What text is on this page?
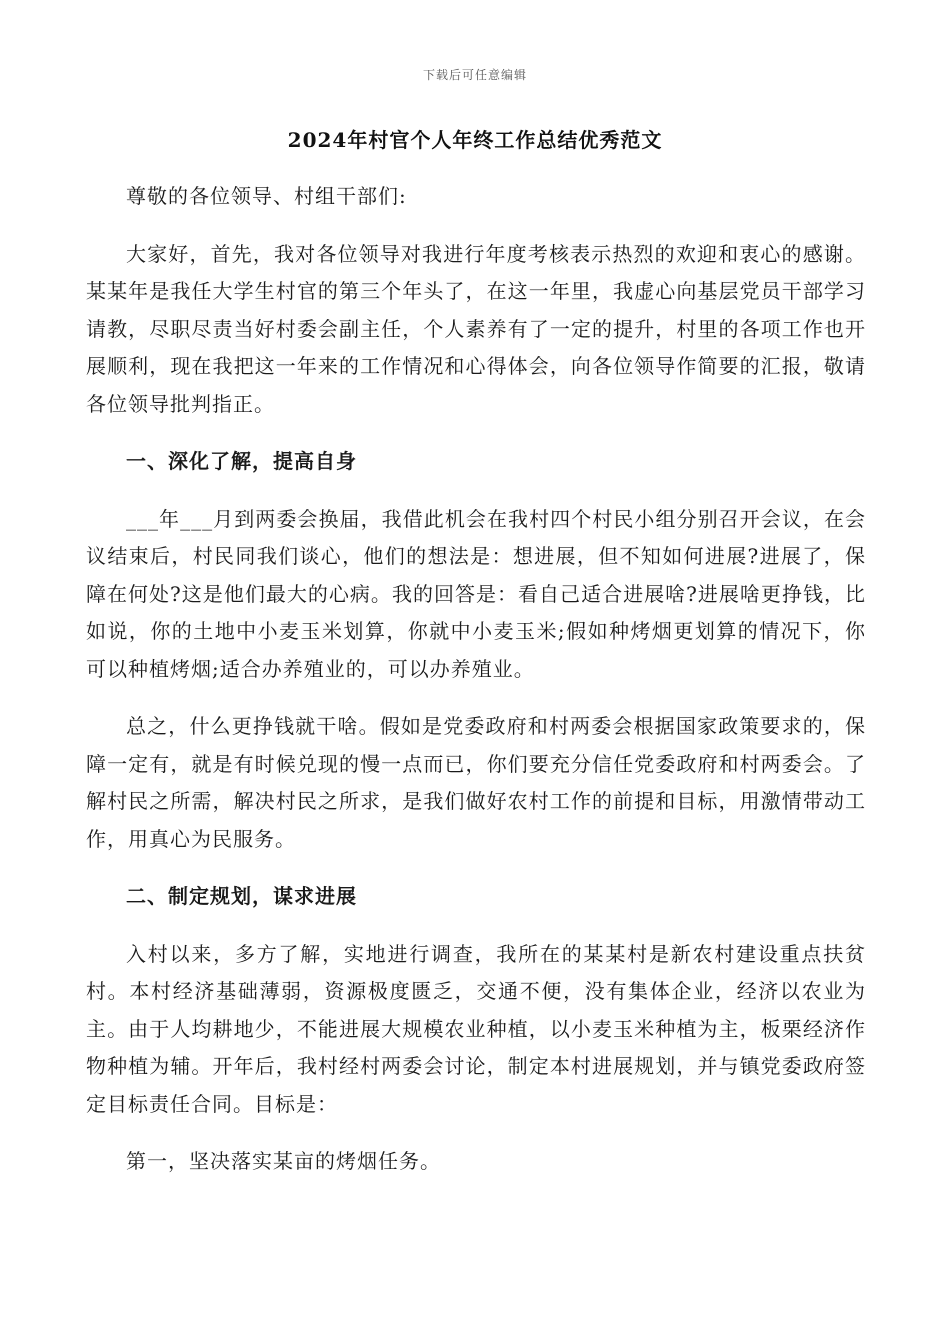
下载后可任意编辑
2024年村官个人年终工作总结优秀范文

尊敬的各位领导、村组干部们:

大家好，首先，我对各位领导对我进行年度考核表示热烈的欢迎和衷心的感谢。某某年是我任大学生村官的第三个年头了，在这一年里，我虚心向基层党员干部学习请教，尽职尽责当好村委会副主任，个人素养有了一定的提升，村里的各项工作也开展顺利，现在我把这一年来的工作情况和心得体会，向各位领导作简要的汇报，敬请各位领导批判指正。

一、深化了解，提高自身

___年___月到两委会换届，我借此机会在我村四个村民小组分别召开会议，在会议结束后，村民同我们谈心，他们的想法是：想进展，但不知如何进展?进展了，保障在何处?这是他们最大的心病。我的回答是：看自己适合进展啥?进展啥更挣钱，比如说，你的土地中小麦玉米划算，你就中小麦玉米;假如种烤烟更划算的情况下，你可以种植烤烟;适合办养殖业的，可以办养殖业。

总之，什么更挣钱就干啥。假如是党委政府和村两委会根据国家政策要求的，保障一定有，就是有时候兑现的慢一点而已，你们要充分信任党委政府和村两委会。了解村民之所需，解决村民之所求，是我们做好农村工作的前提和目标，用激情带动工作，用真心为民服务。

二、制定规划，谋求进展

入村以来，多方了解，实地进行调查，我所在的某某村是新农村建设重点扶贫村。本村经济基础薄弱，资源极度匮乏，交通不便，没有集体企业，经济以农业为主。由于人均耕地少，不能进展大规模农业种植，以小麦玉米种植为主，板栗经济作物种植为辅。开年后，我村经村两委会讨论，制定本村进展规划，并与镇党委政府签定目标责任合同。目标是：

第一，坚决落实某亩的烤烟任务。
